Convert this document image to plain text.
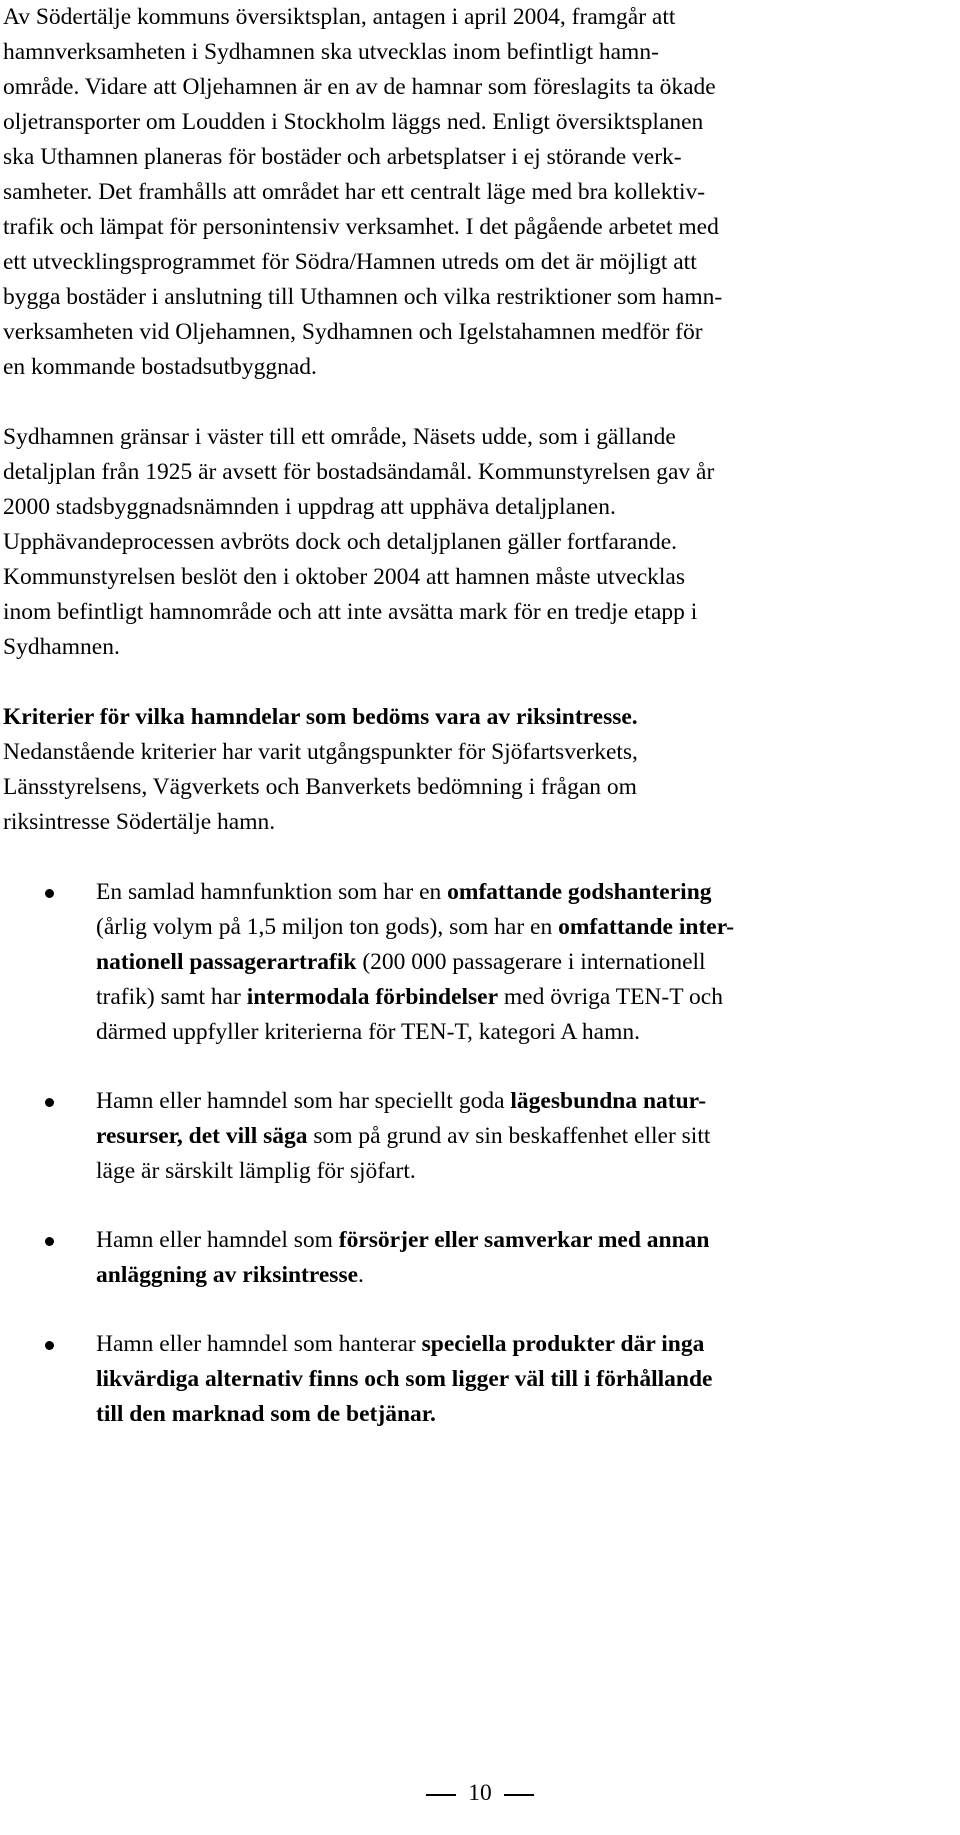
Av Södertälje kommuns översiktsplan, antagen i april 2004, framgår att
hamnverksamheten i Sydhamnen ska utvecklas inom befintligt hamn-
område. Vidare att Oljehamnen är en av de hamnar som föreslagits ta ökade
oljetransporter om Loudden i Stockholm läggs ned. Enligt översiktsplanen
ska Uthamnen planeras för bostäder och arbetsplatser i ej störande verk-
samheter. Det framhålls att området har ett centralt läge med bra kollektiv-
trafik och lämpat för personintensiv verksamhet. I det pågående arbetet med
ett utvecklingsprogrammet för Södra/Hamnen utreds om det är möjligt att
bygga bostäder i anslutning till Uthamnen och vilka restriktioner som hamn-
verksamheten vid Oljehamnen, Sydhamnen och Igelstahamnen medför för
en kommande bostadsutbyggnad.
Sydhamnen gränsar i väster till ett område, Näsets udde, som i gällande
detaljplan från 1925 är avsett för bostadsändamål. Kommunstyrelsen gav år
2000 stadsbyggnadsnämnden i uppdrag att upphäva detaljplanen.
Upphävandeprocessen avbröts dock och detaljplanen gäller fortfarande.
Kommunstyrelsen beslöt den i oktober 2004 att hamnen måste utvecklas
inom befintligt hamnområde och att inte avsätta mark för en tredje etapp i
Sydhamnen.
Kriterier för vilka hamndelar som bedöms vara av riksintresse.
Nedanstående kriterier har varit utgångspunkter för Sjöfartsverkets,
Länsstyrelsens, Vägverkets och Banverkets bedömning i frågan om
riksintresse Södertälje hamn.
En samlad hamnfunktion som har en omfattande godshantering
(årlig volym på 1,5 miljon ton gods), som har en omfattande inter-
nationell passagerartrafik (200 000 passagerare i internationell
trafik) samt har intermodala förbindelser med övriga TEN-T och
därmed uppfyller kriterierna för TEN-T, kategori A hamn.
Hamn eller hamndel som har speciellt goda lägesbundna natur-
resurser, det vill säga som på grund av sin beskaffenhet eller sitt
läge är särskilt lämplig för sjöfart.
Hamn eller hamndel som försörjer eller samverkar med annan
anläggning av riksintresse.
Hamn eller hamndel som hanterar speciella produkter där inga
likvärdiga alternativ finns och som ligger väl till i förhållande
till den marknad som de betjänar.
10
